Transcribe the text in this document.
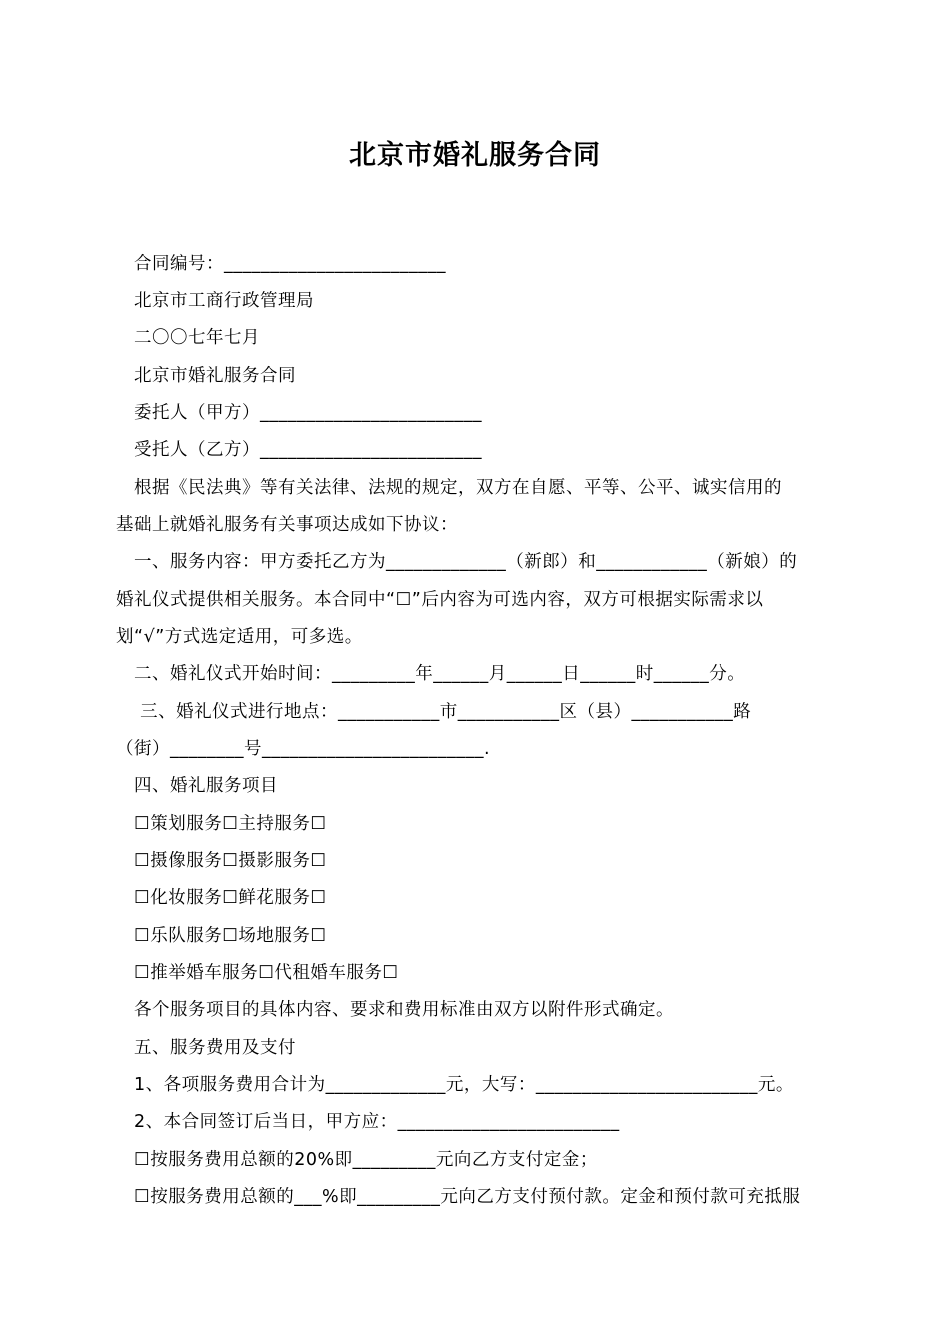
北京市婚礼服务合同
合同编号：________________________
北京市工商行政管理局
二〇〇七年七月
北京市婚礼服务合同
委托人（甲方）________________________
受托人（乙方）________________________
根据《民法典》等有关法律、法规的规定，双方在自愿、平等、公平、诚实信用的
基础上就婚礼服务有关事项达成如下协议：
一、服务内容：甲方委托乙方为_____________（新郎）和____________（新娘）的
婚礼仪式提供相关服务。本合同中“☐”后内容为可选内容，双方可根据实际需求以
划“√”方式选定适用，可多选。
二、婚礼仪式开始时间：_________年______月______日______时______分。
三、婚礼仪式进行地点：___________市___________区（县）___________路
（街）________号________________________.
四、婚礼服务项目
☐策划服务☐主持服务☐
☐摄像服务☐摄影服务☐
☐化妆服务☐鲜花服务☐
☐乐队服务☐场地服务☐
☐推举婚车服务☐代租婚车服务☐
各个服务项目的具体内容、要求和费用标准由双方以附件形式确定。
五、服务费用及支付
1、各项服务费用合计为_____________元，大写：________________________元。
2、本合同签订后当日，甲方应：________________________
☐按服务费用总额的20%即_________元向乙方支付定金；
☐按服务费用总额的___%即_________元向乙方支付预付款。定金和预付款可充抵服
